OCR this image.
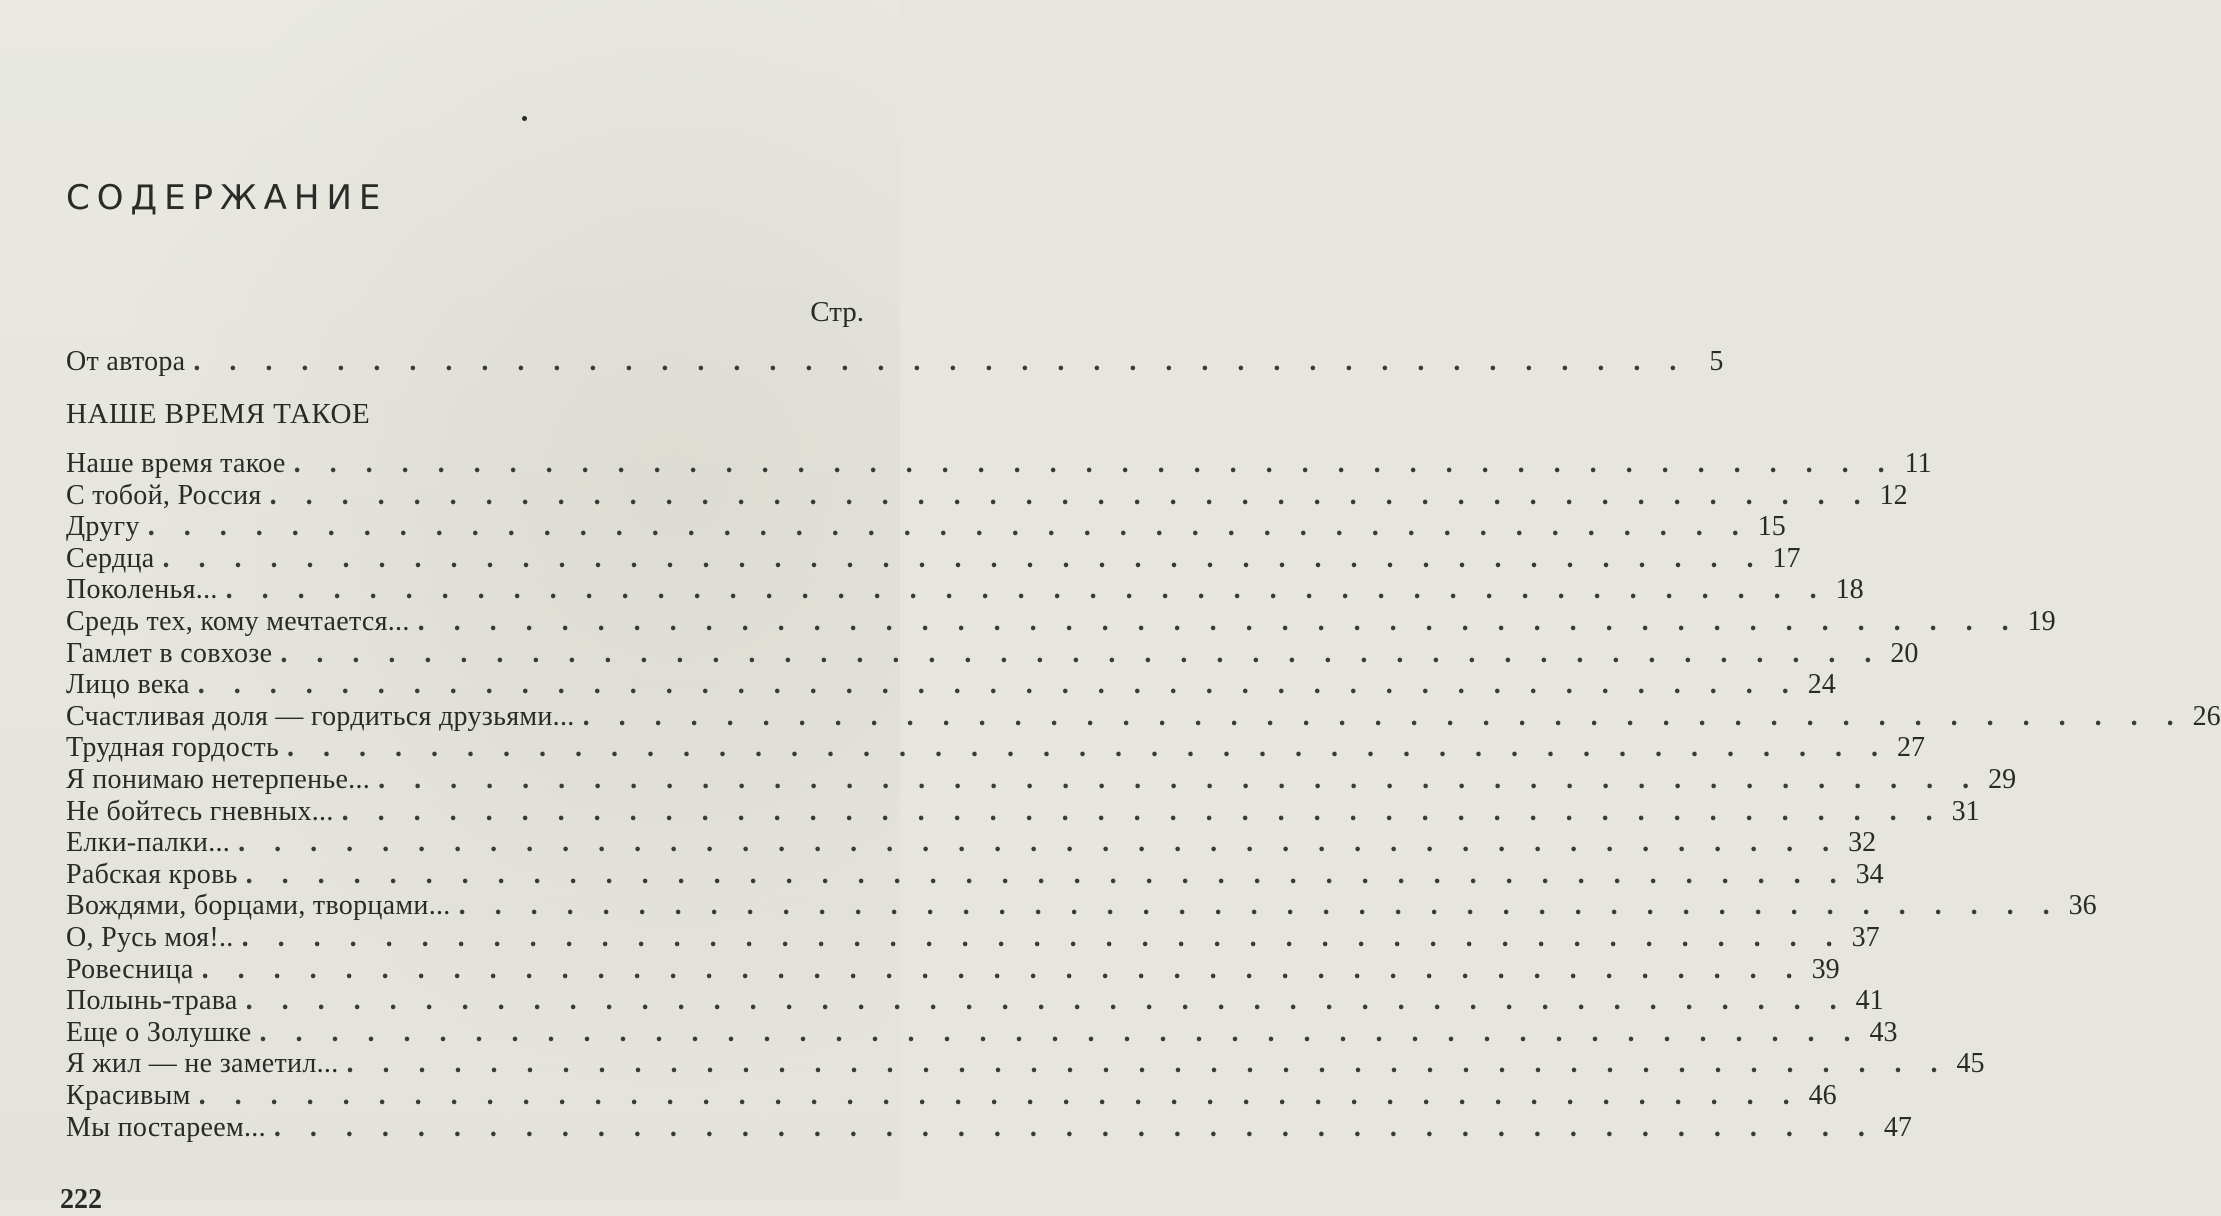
СОДЕРЖАНИЕ
Стр.
От автора . . . . . . . . . . . . . . . . . . . . . . . . . . . . . . . . . . . . . . . . . . 5
НАШЕ ВРЕМЯ ТАКОЕ
Наше время такое . . . . . . . . . . . . . . . . . . . . . . . . . . . . . . . . . . . . . . . . . . . . . 11
С тобой, Россия . . . . . . . . . . . . . . . . . . . . . . . . . . . . . . . . . . . . . . . . . . . . . 12
Другу . . . . . . . . . . . . . . . . . . . . . . . . . . . . . . . . . . . . . . . . . . . . . 15
Сердца . . . . . . . . . . . . . . . . . . . . . . . . . . . . . . . . . . . . . . . . . . . . . 17
Поколенья... . . . . . . . . . . . . . . . . . . . . . . . . . . . . . . . . . . . . . . . . . . . . . 18
Средь тех, кому мечтается... . . . . . . . . . . . . . . . . . . . . . . . . . . . . . . . . . . . . . . . . . . . . . 19
Гамлет в совхозе . . . . . . . . . . . . . . . . . . . . . . . . . . . . . . . . . . . . . . . . . . . . . 20
Лицо века . . . . . . . . . . . . . . . . . . . . . . . . . . . . . . . . . . . . . . . . . . . . . 24
Счастливая доля — гордиться друзьями... . . . . . . . . . . . . . . . . . . . . . . . . . . . . . . . . . . . . . . . . . . . . . 26
Трудная гордость . . . . . . . . . . . . . . . . . . . . . . . . . . . . . . . . . . . . . . . . . . . . . 27
Я понимаю нетерпенье... . . . . . . . . . . . . . . . . . . . . . . . . . . . . . . . . . . . . . . . . . . . . . 29
Не бойтесь гневных... . . . . . . . . . . . . . . . . . . . . . . . . . . . . . . . . . . . . . . . . . . . . . 31
Елки-палки... . . . . . . . . . . . . . . . . . . . . . . . . . . . . . . . . . . . . . . . . . . . . . 32
Рабская кровь . . . . . . . . . . . . . . . . . . . . . . . . . . . . . . . . . . . . . . . . . . . . . 34
Вождями, борцами, творцами... . . . . . . . . . . . . . . . . . . . . . . . . . . . . . . . . . . . . . . . . . . . . . 36
О, Русь моя!.. . . . . . . . . . . . . . . . . . . . . . . . . . . . . . . . . . . . . . . . . . . . . . 37
Ровесница . . . . . . . . . . . . . . . . . . . . . . . . . . . . . . . . . . . . . . . . . . . . . 39
Полынь-трава . . . . . . . . . . . . . . . . . . . . . . . . . . . . . . . . . . . . . . . . . . . . . 41
Еще о Золушке . . . . . . . . . . . . . . . . . . . . . . . . . . . . . . . . . . . . . . . . . . . . . 43
Я жил — не заметил... . . . . . . . . . . . . . . . . . . . . . . . . . . . . . . . . . . . . . . . . . . . . . 45
Красивым . . . . . . . . . . . . . . . . . . . . . . . . . . . . . . . . . . . . . . . . . . . . . 46
Мы постареем... . . . . . . . . . . . . . . . . . . . . . . . . . . . . . . . . . . . . . . . . . . . . . 47
222
